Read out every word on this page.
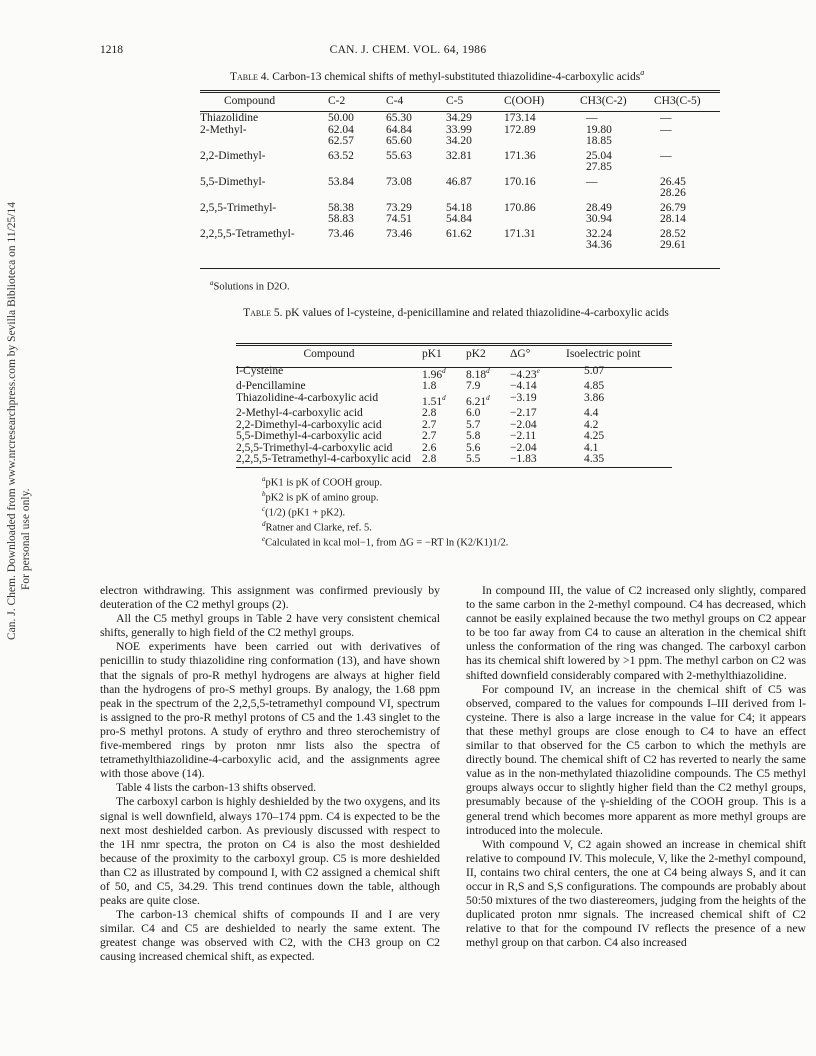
1218	CAN. J. CHEM. VOL. 64, 1986
Can. J. Chem. Downloaded from www.nrcresearchpress.com by Sevilla Biblioteca on 11/25/14 For personal use only.
Table 4. Carbon-13 chemical shifts of methyl-substituted thiazolidine-4-carboxylic acids$^a$
Compound	C-2	C-4	C-5	C(OOH)	CH3(C-2)	CH3(C-5)
Thiazolidine	50.00	65.30	34.29	173.14	—	—
2-Methyl-	62.04	64.84	33.99	172.89	19.80	—
	62.57	65.60	34.20		18.85	
2,2-Dimethyl-	63.52	55.63	32.81	171.36	25.04	—
					27.85	
5,5-Dimethyl-	53.84	73.08	46.87	170.16	—	26.45
						28.26
2,5,5-Trimethyl-	58.38	73.29	54.18	170.86	28.49	26.79
	58.83	74.51	54.84		30.94	28.14
2,2,5,5-Tetramethyl-	73.46	73.46	61.62	171.31	32.24	28.52
					34.36	29.61
$^a$Solutions in D2O.
Table 5. pK values of l-cysteine, d-penicillamine and related thiazolidine-4-carboxylic acids
Compound	pK1	pK2	ΔG°	Isoelectric point
l-Cysteine	1.96$^d$	8.18$^d$	−4.23$^e$	5.07
d-Pencillamine	1.8	7.9	−4.14	4.85
Thiazolidine-4-carboxylic acid	1.51$^d$	6.21$^d$	−3.19	3.86
2-Methyl-4-carboxylic acid	2.8	6.0	−2.17	4.4
2,2-Dimethyl-4-carboxylic acid	2.7	5.7	−2.04	4.2
5,5-Dimethyl-4-carboxylic acid	2.7	5.8	−2.11	4.25
2,5,5-Trimethyl-4-carboxylic acid	2.6	5.6	−2.04	4.1
2,2,5,5-Tetramethyl-4-carboxylic acid	2.8	5.5	−1.83	4.35
$^a$pK1 is pK of COOH group.
$^b$pK2 is pK of amino group.
$^c$(1/2) (pK1 + pK2).
$^d$Ratner and Clarke, ref. 5.
$^e$Calculated in kcal mol−1, from ΔG = −RT ln (K2/K1)1/2.

electron withdrawing. This assignment was confirmed previously by deuteration of the C2 methyl groups (2).

All the C5 methyl groups in Table 2 have very consistent chemical shifts, generally to high field of the C2 methyl groups.

NOE experiments have been carried out with derivatives of penicillin to study thiazolidine ring conformation (13), and have shown that the signals of pro-R methyl hydrogens are always at higher field than the hydrogens of pro-S methyl groups. By analogy, the 1.68 ppm peak in the spectrum of the 2,2,5,5-tetramethyl compound VI, spectrum is assigned to the pro-R methyl protons of C5 and the 1.43 singlet to the pro-S methyl protons. A study of erythro and threo sterochemistry of five-membered rings by proton nmr lists also the spectra of tetramethylthiazolidine-4-carboxylic acid, and the assignments agree with those above (14).

Table 4 lists the carbon-13 shifts observed.

The carboxyl carbon is highly deshielded by the two oxygens, and its signal is well downfield, always 170–174 ppm. C4 is expected to be the next most deshielded carbon. As previously discussed with respect to the 1H nmr spectra, the proton on C4 is also the most deshielded because of the proximity to the carboxyl group. C5 is more deshielded than C2 as illustrated by compound I, with C2 assigned a chemical shift of 50, and C5, 34.29. This trend continues down the table, although peaks are quite close.

The carbon-13 chemical shifts of compounds II and I are very similar. C4 and C5 are deshielded to nearly the same extent. The greatest change was observed with C2, with the CH3 group on C2 causing increased chemical shift, as expected.

In compound III, the value of C2 increased only slightly, compared to the same carbon in the 2-methyl compound. C4 has decreased, which cannot be easily explained because the two methyl groups on C2 appear to be too far away from C4 to cause an alteration in the chemical shift unless the conformation of the ring was changed. The carboxyl carbon has its chemical shift lowered by >1 ppm. The methyl carbon on C2 was shifted downfield considerably compared with 2-methylthiazolidine.

For compound IV, an increase in the chemical shift of C5 was observed, compared to the values for compounds I–III derived from l-cysteine. There is also a large increase in the value for C4; it appears that these methyl groups are close enough to C4 to have an effect similar to that observed for the C5 carbon to which the methyls are directly bound. The chemical shift of C2 has reverted to nearly the same value as in the non-methylated thiazolidine compounds. The C5 methyl groups always occur to slightly higher field than the C2 methyl groups, presumably because of the γ-shielding of the COOH group. This is a general trend which becomes more apparent as more methyl groups are introduced into the molecule.

With compound V, C2 again showed an increase in chemical shift relative to compound IV. This molecule, V, like the 2-methyl compound, II, contains two chiral centers, the one at C4 being always S, and it can occur in R,S and S,S configurations. The compounds are probably about 50:50 mixtures of the two diastereomers, judging from the heights of the duplicated proton nmr signals. The increased chemical shift of C2 relative to that for the compound IV reflects the presence of a new methyl group on that carbon. C4 also increased
